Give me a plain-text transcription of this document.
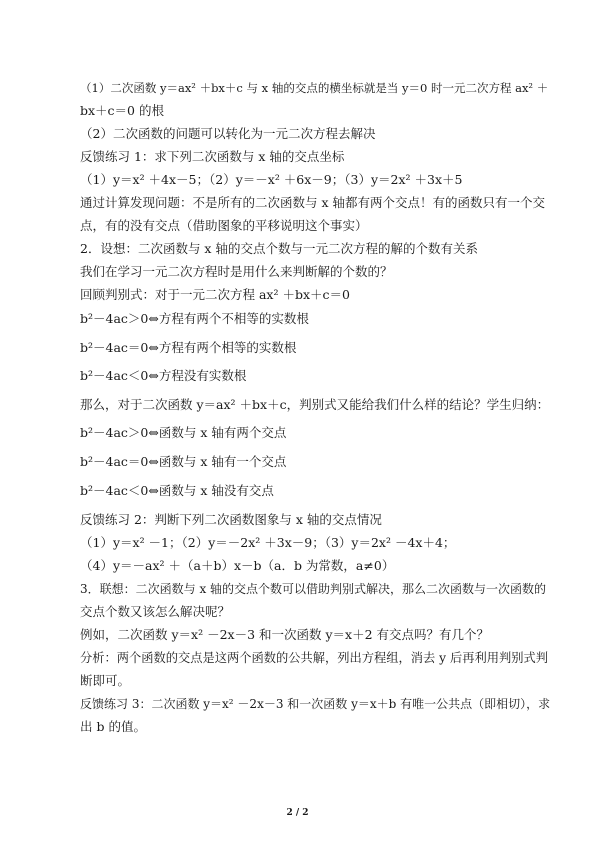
（1）二次函数 y＝ax² ＋bx＋c 与 x 轴的交点的横坐标就是当 y＝0 时一元二次方程 ax² ＋
bx＋c＝0 的根
（2）二次函数的问题可以转化为一元二次方程去解决
反馈练习 1：求下列二次函数与 x 轴的交点坐标
（1）y＝x² ＋4x－5；（2）y＝－x² ＋6x－9；（3）y＝2x² ＋3x＋5
通过计算发现问题：不是所有的二次函数与 x 轴都有两个交点！有的函数只有一个交
点，有的没有交点（借助图象的平移说明这个事实）
2．设想：二次函数与 x 轴的交点个数与一元二次方程的解的个数有关系
我们在学习一元二次方程时是用什么来判断解的个数的？
回顾判别式：对于一元二次方程 ax² ＋bx＋c＝0
b²－4ac＞0⇔方程有两个不相等的实数根
b²－4ac＝0⇔方程有两个相等的实数根
b²－4ac＜0⇔方程没有实数根
那么，对于二次函数 y＝ax² ＋bx＋c，判别式又能给我们什么样的结论？学生归纳：
b²－4ac＞0⇔函数与 x 轴有两个交点
b²－4ac＝0⇔函数与 x 轴有一个交点
b²－4ac＜0⇔函数与 x 轴没有交点
反馈练习 2：判断下列二次函数图象与 x 轴的交点情况
（1）y＝x² －1；（2）y＝－2x² ＋3x－9；（3）y＝2x² －4x＋4；
（4）y＝－ax² ＋（a＋b）x－b（a．b 为常数，a≠0）
3．联想：二次函数与 x 轴的交点个数可以借助判别式解决，那么二次函数与一次函数的
交点个数又该怎么解决呢？
例如，二次函数 y＝x² －2x－3 和一次函数 y＝x＋2 有交点吗？有几个？
分析：两个函数的交点是这两个函数的公共解，列出方程组，消去 y 后再利用判别式判
断即可。
反馈练习 3：二次函数 y＝x² －2x－3 和一次函数 y＝x＋b 有唯一公共点（即相切），求
出 b 的值。
2 / 2
